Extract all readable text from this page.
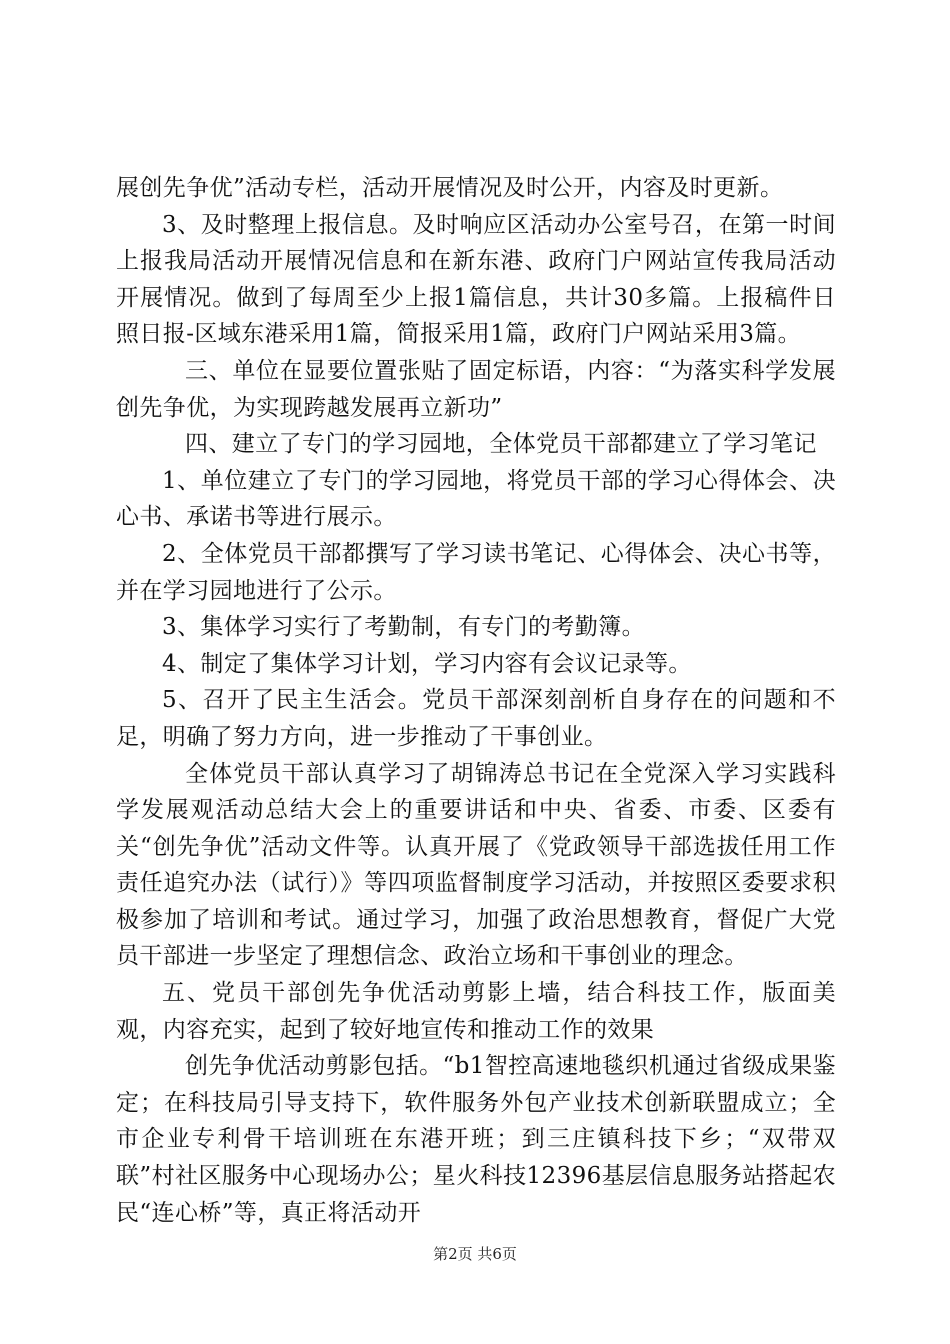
展创先争优”活动专栏，活动开展情况及时公开，内容及时更新。

3、及时整理上报信息。及时响应区活动办公室号召，在第一时间上报我局活动开展情况信息和在新东港、政府门户网站宣传我局活动开展情况。做到了每周至少上报1篇信息，共计30多篇。上报稿件日照日报-区域东港采用1篇，简报采用1篇，政府门户网站采用3篇。

三、单位在显要位置张贴了固定标语，内容：“为落实科学发展创先争优，为实现跨越发展再立新功”

四、建立了专门的学习园地，全体党员干部都建立了学习笔记

1、单位建立了专门的学习园地，将党员干部的学习心得体会、决心书、承诺书等进行展示。

2、全体党员干部都撰写了学习读书笔记、心得体会、决心书等，并在学习园地进行了公示。

3、集体学习实行了考勤制，有专门的考勤簿。

4、制定了集体学习计划，学习内容有会议记录等。

5、召开了民主生活会。党员干部深刻剖析自身存在的问题和不足，明确了努力方向，进一步推动了干事创业。

全体党员干部认真学习了胡锦涛总书记在全党深入学习实践科学发展观活动总结大会上的重要讲话和中央、省委、市委、区委有关“创先争优”活动文件等。认真开展了《党政领导干部选拔任用工作责任追究办法（试行）》等四项监督制度学习活动，并按照区委要求积极参加了培训和考试。通过学习，加强了政治思想教育，督促广大党员干部进一步坚定了理想信念、政治立场和干事创业的理念。

五、党员干部创先争优活动剪影上墙，结合科技工作，版面美观，内容充实，起到了较好地宣传和推动工作的效果

创先争优活动剪影包括。“b1智控高速地毯织机通过省级成果鉴定；在科技局引导支持下，软件服务外包产业技术创新联盟成立；全市企业专利骨干培训班在东港开班；到三庄镇科技下乡；“双带双联”村社区服务中心现场办公；星火科技12396基层信息服务站搭起农民“连心桥”等，真正将活动开

第2页 共6页
